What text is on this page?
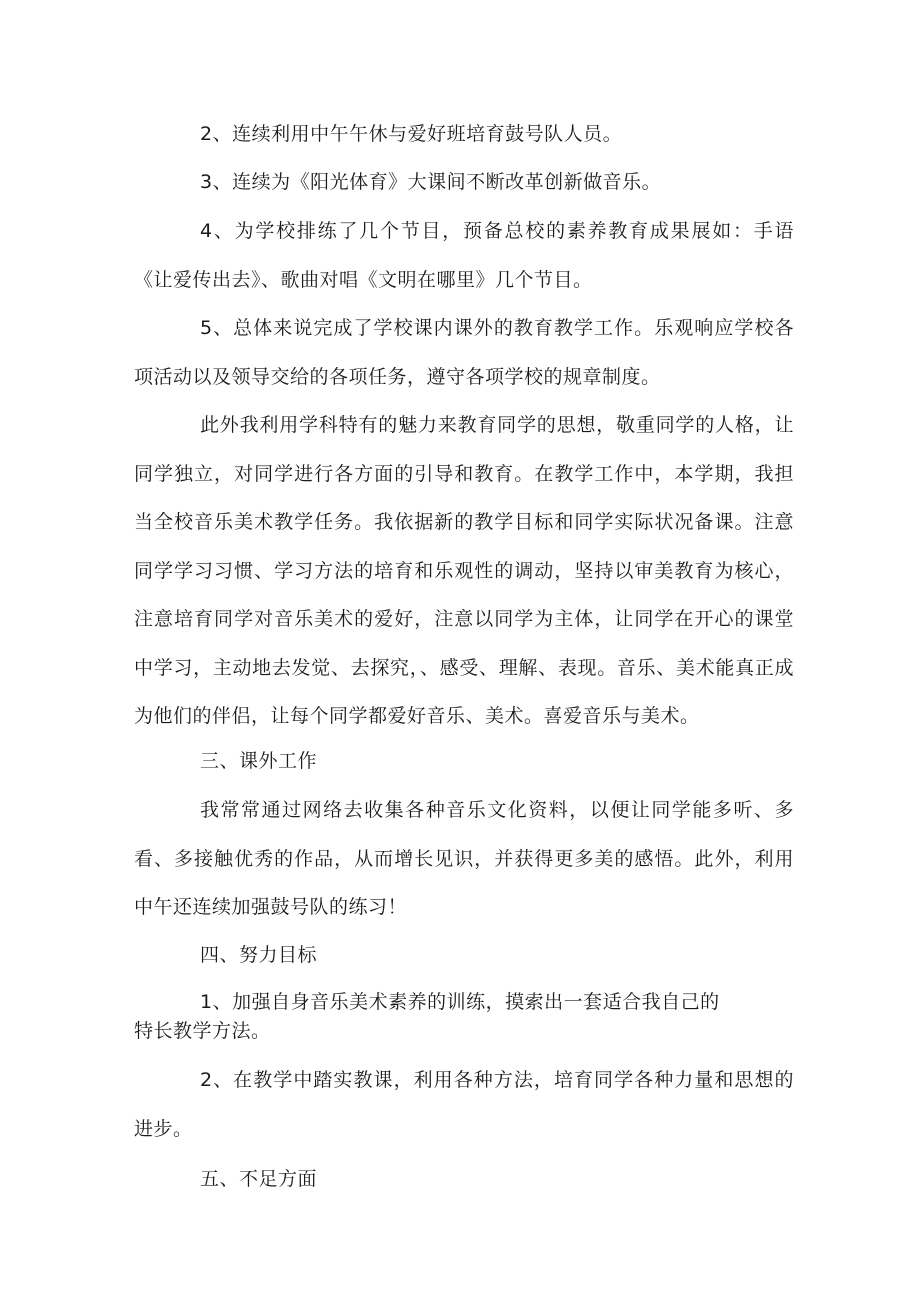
2、连续利用中午午休与爱好班培育鼓号队人员。

3、连续为《阳光体育》大课间不断改革创新做音乐。

4、为学校排练了几个节目，预备总校的素养教育成果展如：手语《让爱传出去》、歌曲对唱《文明在哪里》几个节目。

5、总体来说完成了学校课内课外的教育教学工作。乐观响应学校各项活动以及领导交给的各项任务，遵守各项学校的规章制度。

此外我利用学科特有的魅力来教育同学的思想，敬重同学的人格，让同学独立，对同学进行各方面的引导和教育。在教学工作中，本学期，我担当全校音乐美术教学任务。我依据新的教学目标和同学实际状况备课。注意同学学习习惯、学习方法的培育和乐观性的调动，坚持以审美教育为核心，注意培育同学对音乐美术的爱好，注意以同学为主体，让同学在开心的课堂中学习，主动地去发觉、去探究，、感受、理解、表现。音乐、美术能真正成为他们的伴侣，让每个同学都爱好音乐、美术。喜爱音乐与美术。

三、课外工作

我常常通过网络去收集各种音乐文化资料，以便让同学能多听、多看、多接触优秀的作品，从而增长见识，并获得更多美的感悟。此外，利用中午还连续加强鼓号队的练习！

四、努力目标

1、加强自身音乐美术素养的训练，摸索出一套适合我自己的

特长教学方法。

2、在教学中踏实教课，利用各种方法，培育同学各种力量和思想的进步。

五、不足方面
